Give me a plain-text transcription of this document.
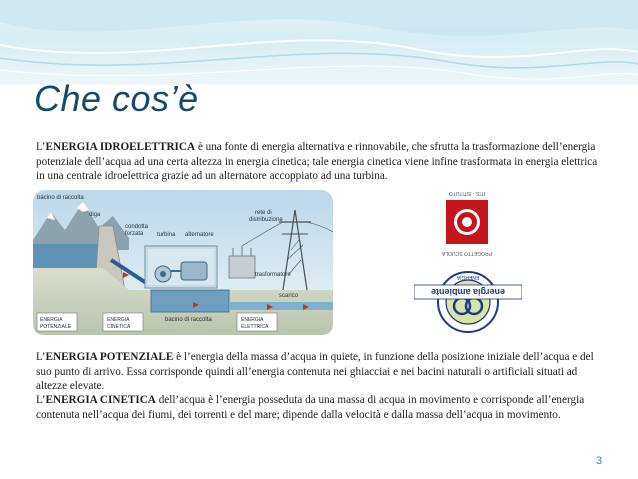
Che cos’è

L’ENERGIA IDROELETTRICA è una fonte di energia alternativa e rinnovabile, che sfrutta la trasformazione dell’energia potenziale dell’acqua ad una certa altezza in energia cinetica; tale energia cinetica viene infine trasformata in energia elettrica in una centrale idroelettrica grazie ad un alternatore accoppiato ad una turbina.

bacino di raccolta
diga
condotta
forzata turbina alternatore
rete di
distribuzione
trasformatore
bacino di raccolta
scarico
ENERGIA
POTENZIALE
ENERGIA
CINETICA
ENERGIA
ELETTRICA
ITIS · ISTITUTO
PROGETTO SCUOLA
energia ambiente
ENERGIA

L’ENERGIA POTENZIALE è l’energia della massa d’acqua in quiete, in funzione della posizione iniziale dell’acqua e del suo punto di arrivo. Essa corrisponde quindi all’energia contenuta nei ghiacciai e nei bacini naturali o artificiali situati ad altezze elevate.

L’ENERGIA CINETICA dell’acqua è l’energia posseduta da una massa di acqua in movimento e corrisponde all’energia contenuta nell’acqua dei fiumi, dei torrenti e del mare; dipende dalla velocità e dalla massa dell’acqua in movimento.

3
